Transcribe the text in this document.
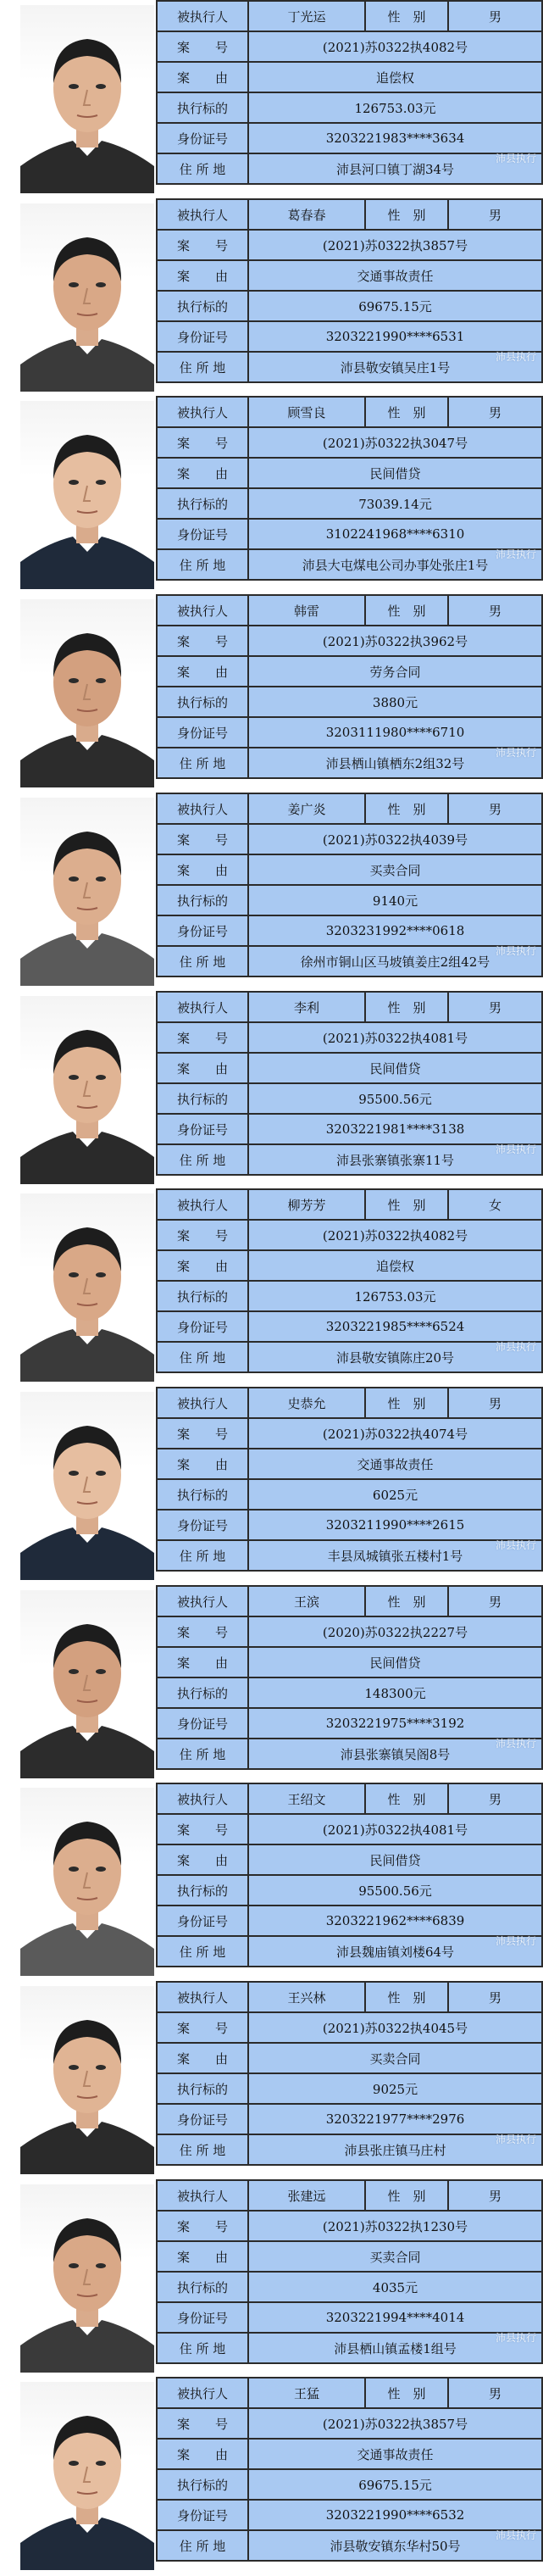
被执行人	丁光运	性　别	男
案　　号	(2021)苏0322执4082号		
案　　由	追偿权		
执行标的	126753.03元		
身份证号	3203221983****3634		
住 所 地	沛县河口镇丁湖34号		
沛县执行
被执行人	葛春春	性　别	男
案　　号	(2021)苏0322执3857号		
案　　由	交通事故责任		
执行标的	69675.15元		
身份证号	3203221990****6531		
住 所 地	沛县敬安镇吴庄1号		
沛县执行
被执行人	顾雪良	性　别	男
案　　号	(2021)苏0322执3047号		
案　　由	民间借贷		
执行标的	73039.14元		
身份证号	3102241968****6310		
住 所 地	沛县大屯煤电公司办事处张庄1号		
沛县执行
被执行人	韩雷	性　别	男
案　　号	(2021)苏0322执3962号		
案　　由	劳务合同		
执行标的	3880元		
身份证号	3203111980****6710		
住 所 地	沛县栖山镇栖东2组32号		
沛县执行
被执行人	姜广炎	性　别	男
案　　号	(2021)苏0322执4039号		
案　　由	买卖合同		
执行标的	9140元		
身份证号	3203231992****0618		
住 所 地	徐州市铜山区马坡镇姜庄2组42号		
沛县执行
被执行人	李利	性　别	男
案　　号	(2021)苏0322执4081号		
案　　由	民间借贷		
执行标的	95500.56元		
身份证号	3203221981****3138		
住 所 地	沛县张寨镇张寨11号		
沛县执行
被执行人	柳芳芳	性　别	女
案　　号	(2021)苏0322执4082号		
案　　由	追偿权		
执行标的	126753.03元		
身份证号	3203221985****6524		
住 所 地	沛县敬安镇陈庄20号		
沛县执行
被执行人	史恭允	性　别	男
案　　号	(2021)苏0322执4074号		
案　　由	交通事故责任		
执行标的	6025元		
身份证号	3203211990****2615		
住 所 地	丰县凤城镇张五楼村1号		
沛县执行
被执行人	王滨	性　别	男
案　　号	(2020)苏0322执2227号		
案　　由	民间借贷		
执行标的	148300元		
身份证号	3203221975****3192		
住 所 地	沛县张寨镇吴阁8号		
沛县执行
被执行人	王绍文	性　别	男
案　　号	(2021)苏0322执4081号		
案　　由	民间借贷		
执行标的	95500.56元		
身份证号	3203221962****6839		
住 所 地	沛县魏庙镇刘楼64号		
沛县执行
被执行人	王兴林	性　别	男
案　　号	(2021)苏0322执4045号		
案　　由	买卖合同		
执行标的	9025元		
身份证号	3203221977****2976		
住 所 地	沛县张庄镇马庄村		
沛县执行
被执行人	张建远	性　别	男
案　　号	(2021)苏0322执1230号		
案　　由	买卖合同		
执行标的	4035元		
身份证号	3203221994****4014		
住 所 地	沛县栖山镇孟楼1组号		
沛县执行
被执行人	王猛	性　别	男
案　　号	(2021)苏0322执3857号		
案　　由	交通事故责任		
执行标的	69675.15元		
身份证号	3203221990****6532		
住 所 地	沛县敬安镇东华村50号		
沛县执行
